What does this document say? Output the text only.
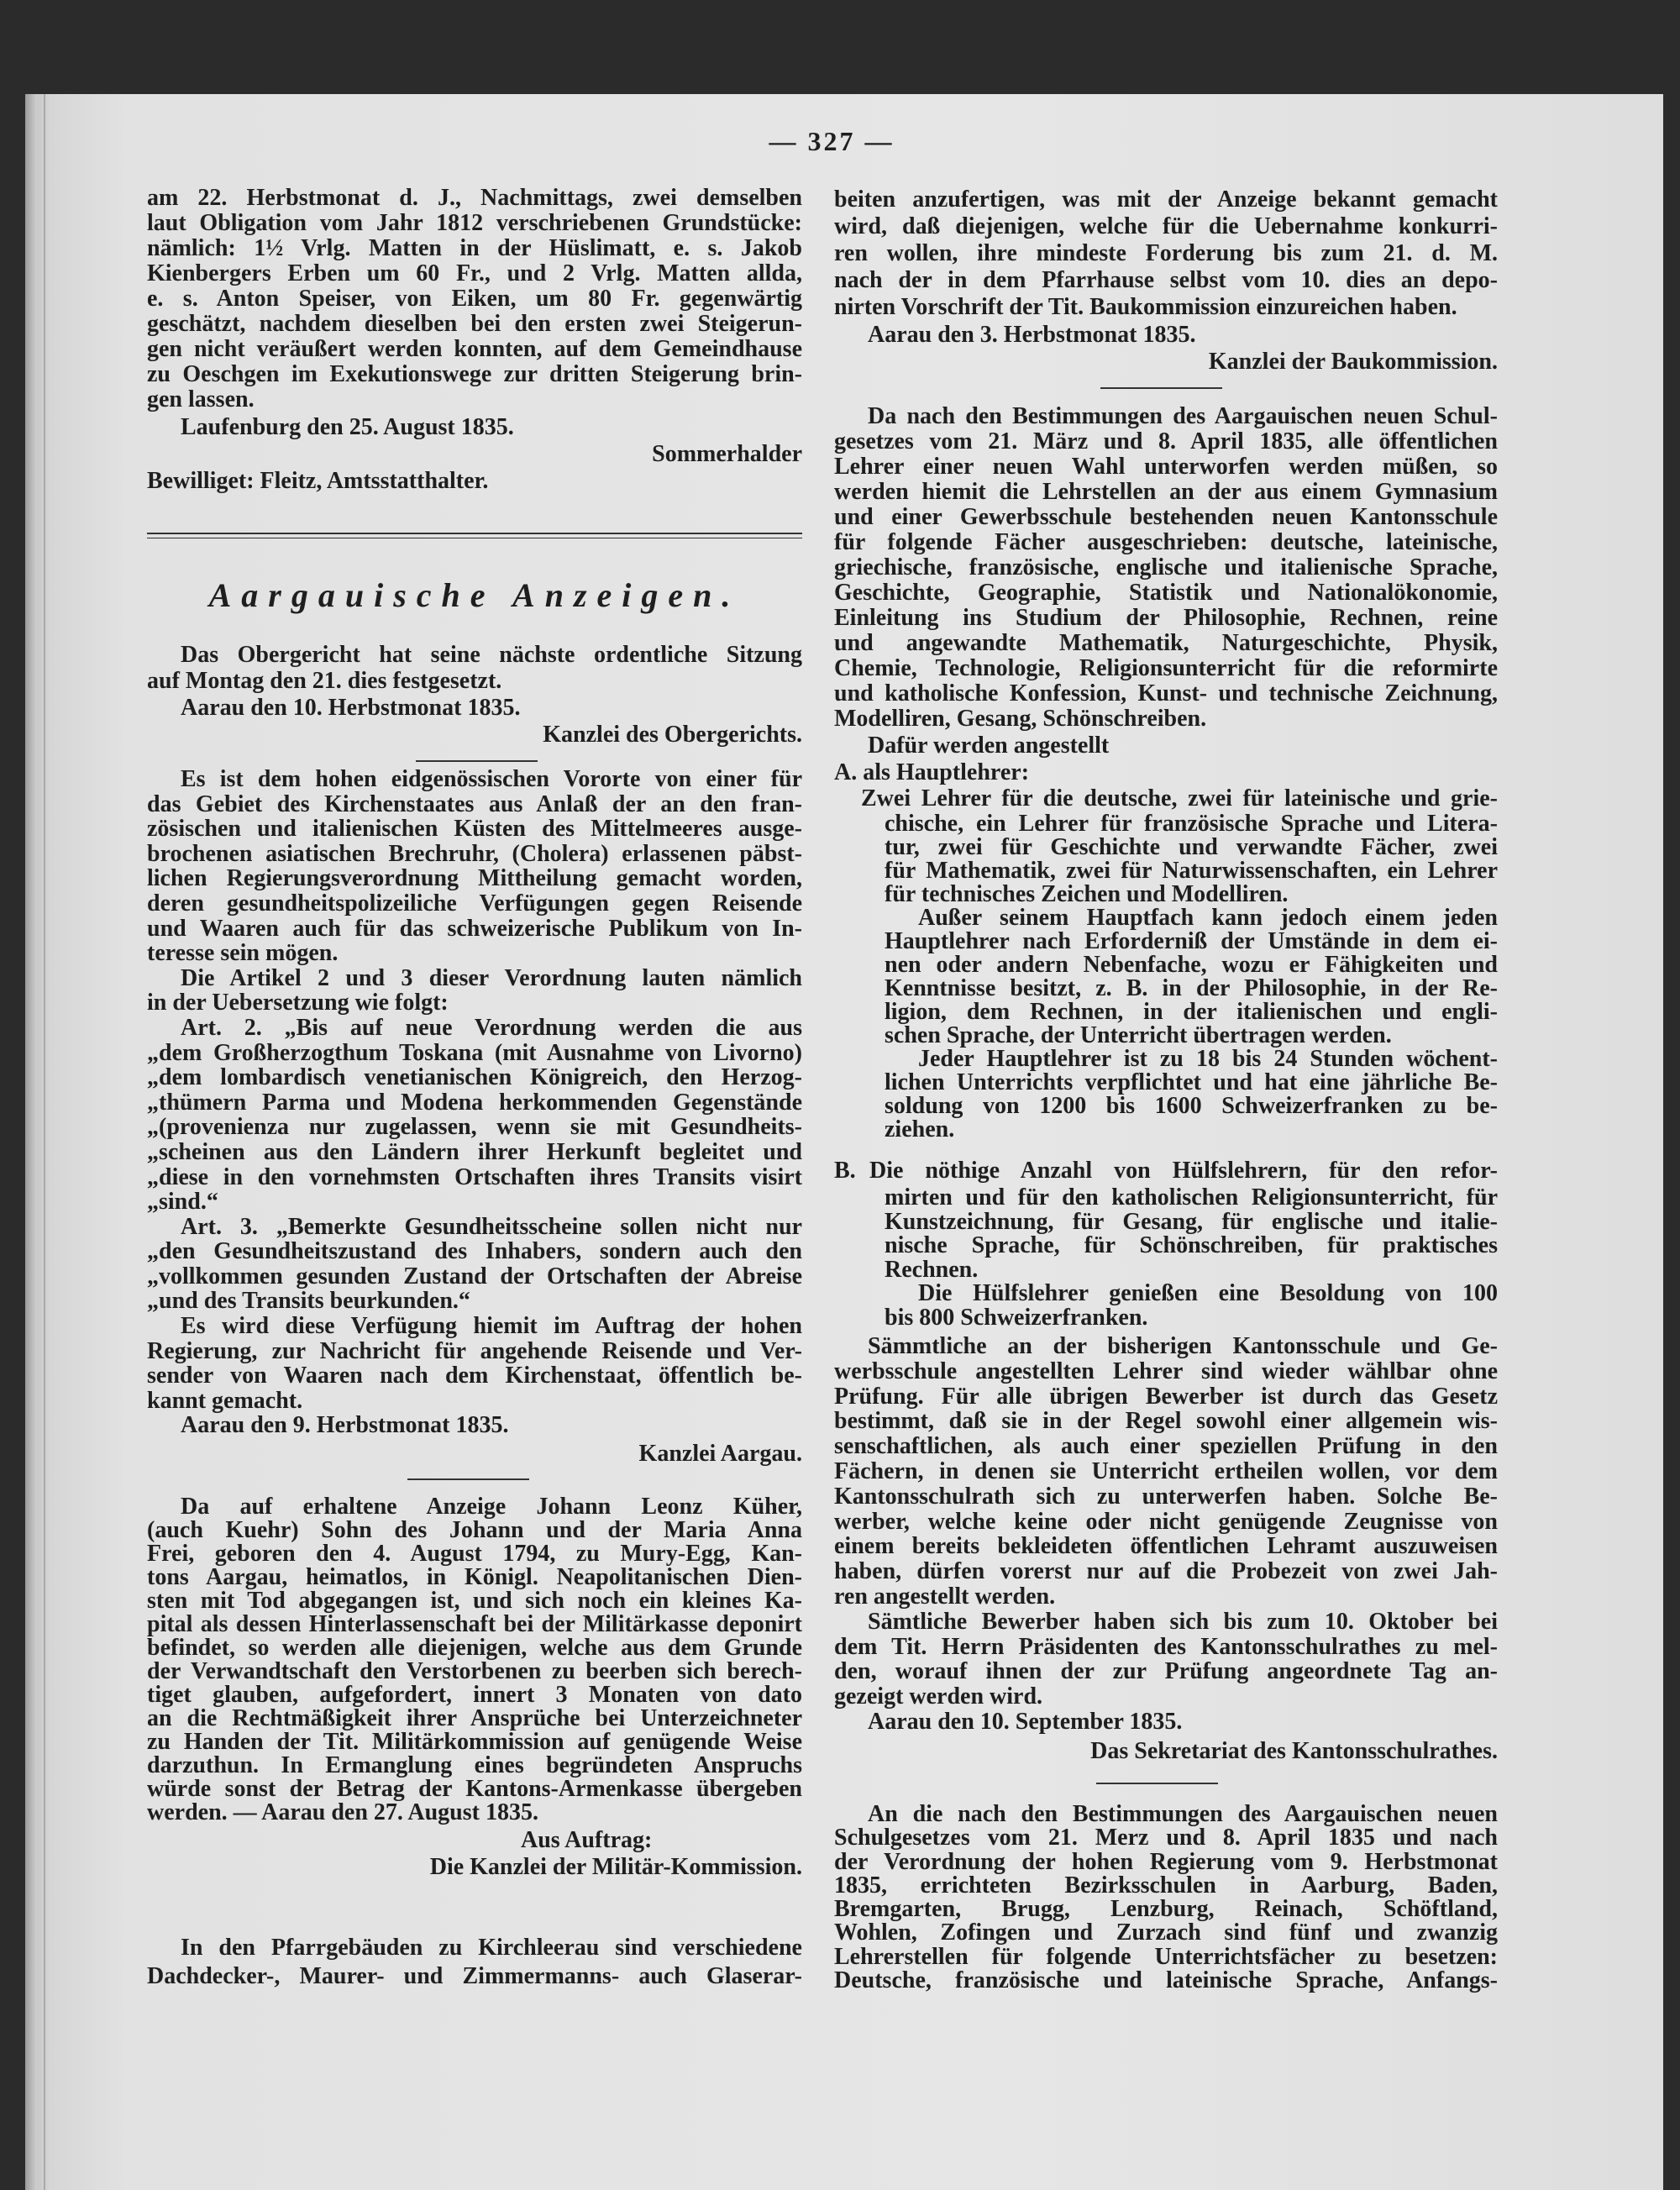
— 327 —
am 22. Herbstmonat d. J., Nachmittags, zwei demselben
laut Obligation vom Jahr 1812 verschriebenen Grundstücke:
nämlich: 1½ Vrlg. Matten in der Hüslimatt, e. s. Jakob
Kienbergers Erben um 60 Fr., und 2 Vrlg. Matten allda,
e. s. Anton Speiser, von Eiken, um 80 Fr. gegenwärtig
geschätzt, nachdem dieselben bei den ersten zwei Steigerun-
gen nicht veräußert werden konnten, auf dem Gemeindhause
zu Oeschgen im Exekutionswege zur dritten Steigerung brin-
gen lassen.
Laufenburg den 25. August 1835.
Sommerhalder
Bewilliget: Fleitz, Amtsstatthalter.
Aargauische Anzeigen.
Das Obergericht hat seine nächste ordentliche Sitzung
auf Montag den 21. dies festgesetzt.
Aarau den 10. Herbstmonat 1835.
Kanzlei des Obergerichts.
Es ist dem hohen eidgenössischen Vororte von einer für
das Gebiet des Kirchenstaates aus Anlaß der an den fran-
zösischen und italienischen Küsten des Mittelmeeres ausge-
brochenen asiatischen Brechruhr, (Cholera) erlassenen päbst-
lichen Regierungsverordnung Mittheilung gemacht worden,
deren gesundheitspolizeiliche Verfügungen gegen Reisende
und Waaren auch für das schweizerische Publikum von In-
teresse sein mögen.
Die Artikel 2 und 3 dieser Verordnung lauten nämlich
in der Uebersetzung wie folgt:
Art. 2. „Bis auf neue Verordnung werden die aus
„dem Großherzogthum Toskana (mit Ausnahme von Livorno)
„dem lombardisch venetianischen Königreich, den Herzog-
„thümern Parma und Modena herkommenden Gegenstände
„(provenienza nur zugelassen, wenn sie mit Gesundheits-
„scheinen aus den Ländern ihrer Herkunft begleitet und
„diese in den vornehmsten Ortschaften ihres Transits visirt
„sind.“
Art. 3. „Bemerkte Gesundheitsscheine sollen nicht nur
„den Gesundheitszustand des Inhabers, sondern auch den
„vollkommen gesunden Zustand der Ortschaften der Abreise
„und des Transits beurkunden.“
Es wird diese Verfügung hiemit im Auftrag der hohen
Regierung, zur Nachricht für angehende Reisende und Ver-
sender von Waaren nach dem Kirchenstaat, öffentlich be-
kannt gemacht.
Aarau den 9. Herbstmonat 1835.
Kanzlei Aargau.
Da auf erhaltene Anzeige Johann Leonz Küher,
(auch Kuehr) Sohn des Johann und der Maria Anna
Frei, geboren den 4. August 1794, zu Mury-Egg, Kan-
tons Aargau, heimatlos, in Königl. Neapolitanischen Dien-
sten mit Tod abgegangen ist, und sich noch ein kleines Ka-
pital als dessen Hinterlassenschaft bei der Militärkasse deponirt
befindet, so werden alle diejenigen, welche aus dem Grunde
der Verwandtschaft den Verstorbenen zu beerben sich berech-
tiget glauben, aufgefordert, innert 3 Monaten von dato
an die Rechtmäßigkeit ihrer Ansprüche bei Unterzeichneter
zu Handen der Tit. Militärkommission auf genügende Weise
darzuthun. In Ermanglung eines begründeten Anspruchs
würde sonst der Betrag der Kantons-Armenkasse übergeben
werden. — Aarau den 27. August 1835.
Aus Auftrag:
Die Kanzlei der Militär-Kommission.
In den Pfarrgebäuden zu Kirchleerau sind verschiedene
Dachdecker-, Maurer- und Zimmermanns- auch Glaserar-
beiten anzufertigen, was mit der Anzeige bekannt gemacht
wird, daß diejenigen, welche für die Uebernahme konkurri-
ren wollen, ihre mindeste Forderung bis zum 21. d. M.
nach der in dem Pfarrhause selbst vom 10. dies an depo-
nirten Vorschrift der Tit. Baukommission einzureichen haben.
Aarau den 3. Herbstmonat 1835.
Kanzlei der Baukommission.
Da nach den Bestimmungen des Aargauischen neuen Schul-
gesetzes vom 21. März und 8. April 1835, alle öffentlichen
Lehrer einer neuen Wahl unterworfen werden müßen, so
werden hiemit die Lehrstellen an der aus einem Gymnasium
und einer Gewerbsschule bestehenden neuen Kantonsschule
für folgende Fächer ausgeschrieben: deutsche, lateinische,
griechische, französische, englische und italienische Sprache,
Geschichte, Geographie, Statistik und Nationalökonomie,
Einleitung ins Studium der Philosophie, Rechnen, reine
und angewandte Mathematik, Naturgeschichte, Physik,
Chemie, Technologie, Religionsunterricht für die reformirte
und katholische Konfession, Kunst- und technische Zeichnung,
Modelliren, Gesang, Schönschreiben.
Dafür werden angestellt
A. als Hauptlehrer:
Zwei Lehrer für die deutsche, zwei für lateinische und grie-
chische, ein Lehrer für französische Sprache und Litera-
tur, zwei für Geschichte und verwandte Fächer, zwei
für Mathematik, zwei für Naturwissenschaften, ein Lehrer
für technisches Zeichen und Modelliren.
Außer seinem Hauptfach kann jedoch einem jeden
Hauptlehrer nach Erforderniß der Umstände in dem ei-
nen oder andern Nebenfache, wozu er Fähigkeiten und
Kenntnisse besitzt, z. B. in der Philosophie, in der Re-
ligion, dem Rechnen, in der italienischen und engli-
schen Sprache, der Unterricht übertragen werden.
Jeder Hauptlehrer ist zu 18 bis 24 Stunden wöchent-
lichen Unterrichts verpflichtet und hat eine jährliche Be-
soldung von 1200 bis 1600 Schweizerfranken zu be-
ziehen.
B. Die nöthige Anzahl von Hülfslehrern, für den refor-
mirten und für den katholischen Religionsunterricht, für
Kunstzeichnung, für Gesang, für englische und italie-
nische Sprache, für Schönschreiben, für praktisches
Rechnen.
Die Hülfslehrer genießen eine Besoldung von 100
bis 800 Schweizerfranken.
Sämmtliche an der bisherigen Kantonsschule und Ge-
werbsschule angestellten Lehrer sind wieder wählbar ohne
Prüfung. Für alle übrigen Bewerber ist durch das Gesetz
bestimmt, daß sie in der Regel sowohl einer allgemein wis-
senschaftlichen, als auch einer speziellen Prüfung in den
Fächern, in denen sie Unterricht ertheilen wollen, vor dem
Kantonsschulrath sich zu unterwerfen haben. Solche Be-
werber, welche keine oder nicht genügende Zeugnisse von
einem bereits bekleideten öffentlichen Lehramt auszuweisen
haben, dürfen vorerst nur auf die Probezeit von zwei Jah-
ren angestellt werden.
Sämtliche Bewerber haben sich bis zum 10. Oktober bei
dem Tit. Herrn Präsidenten des Kantonsschulrathes zu mel-
den, worauf ihnen der zur Prüfung angeordnete Tag an-
gezeigt werden wird.
Aarau den 10. September 1835.
Das Sekretariat des Kantonsschulrathes.
An die nach den Bestimmungen des Aargauischen neuen
Schulgesetzes vom 21. Merz und 8. April 1835 und nach
der Verordnung der hohen Regierung vom 9. Herbstmonat
1835, errichteten Bezirksschulen in Aarburg, Baden,
Bremgarten, Brugg, Lenzburg, Reinach, Schöftland,
Wohlen, Zofingen und Zurzach sind fünf und zwanzig
Lehrerstellen für folgende Unterrichtsfächer zu besetzen:
Deutsche, französische und lateinische Sprache, Anfangs-
